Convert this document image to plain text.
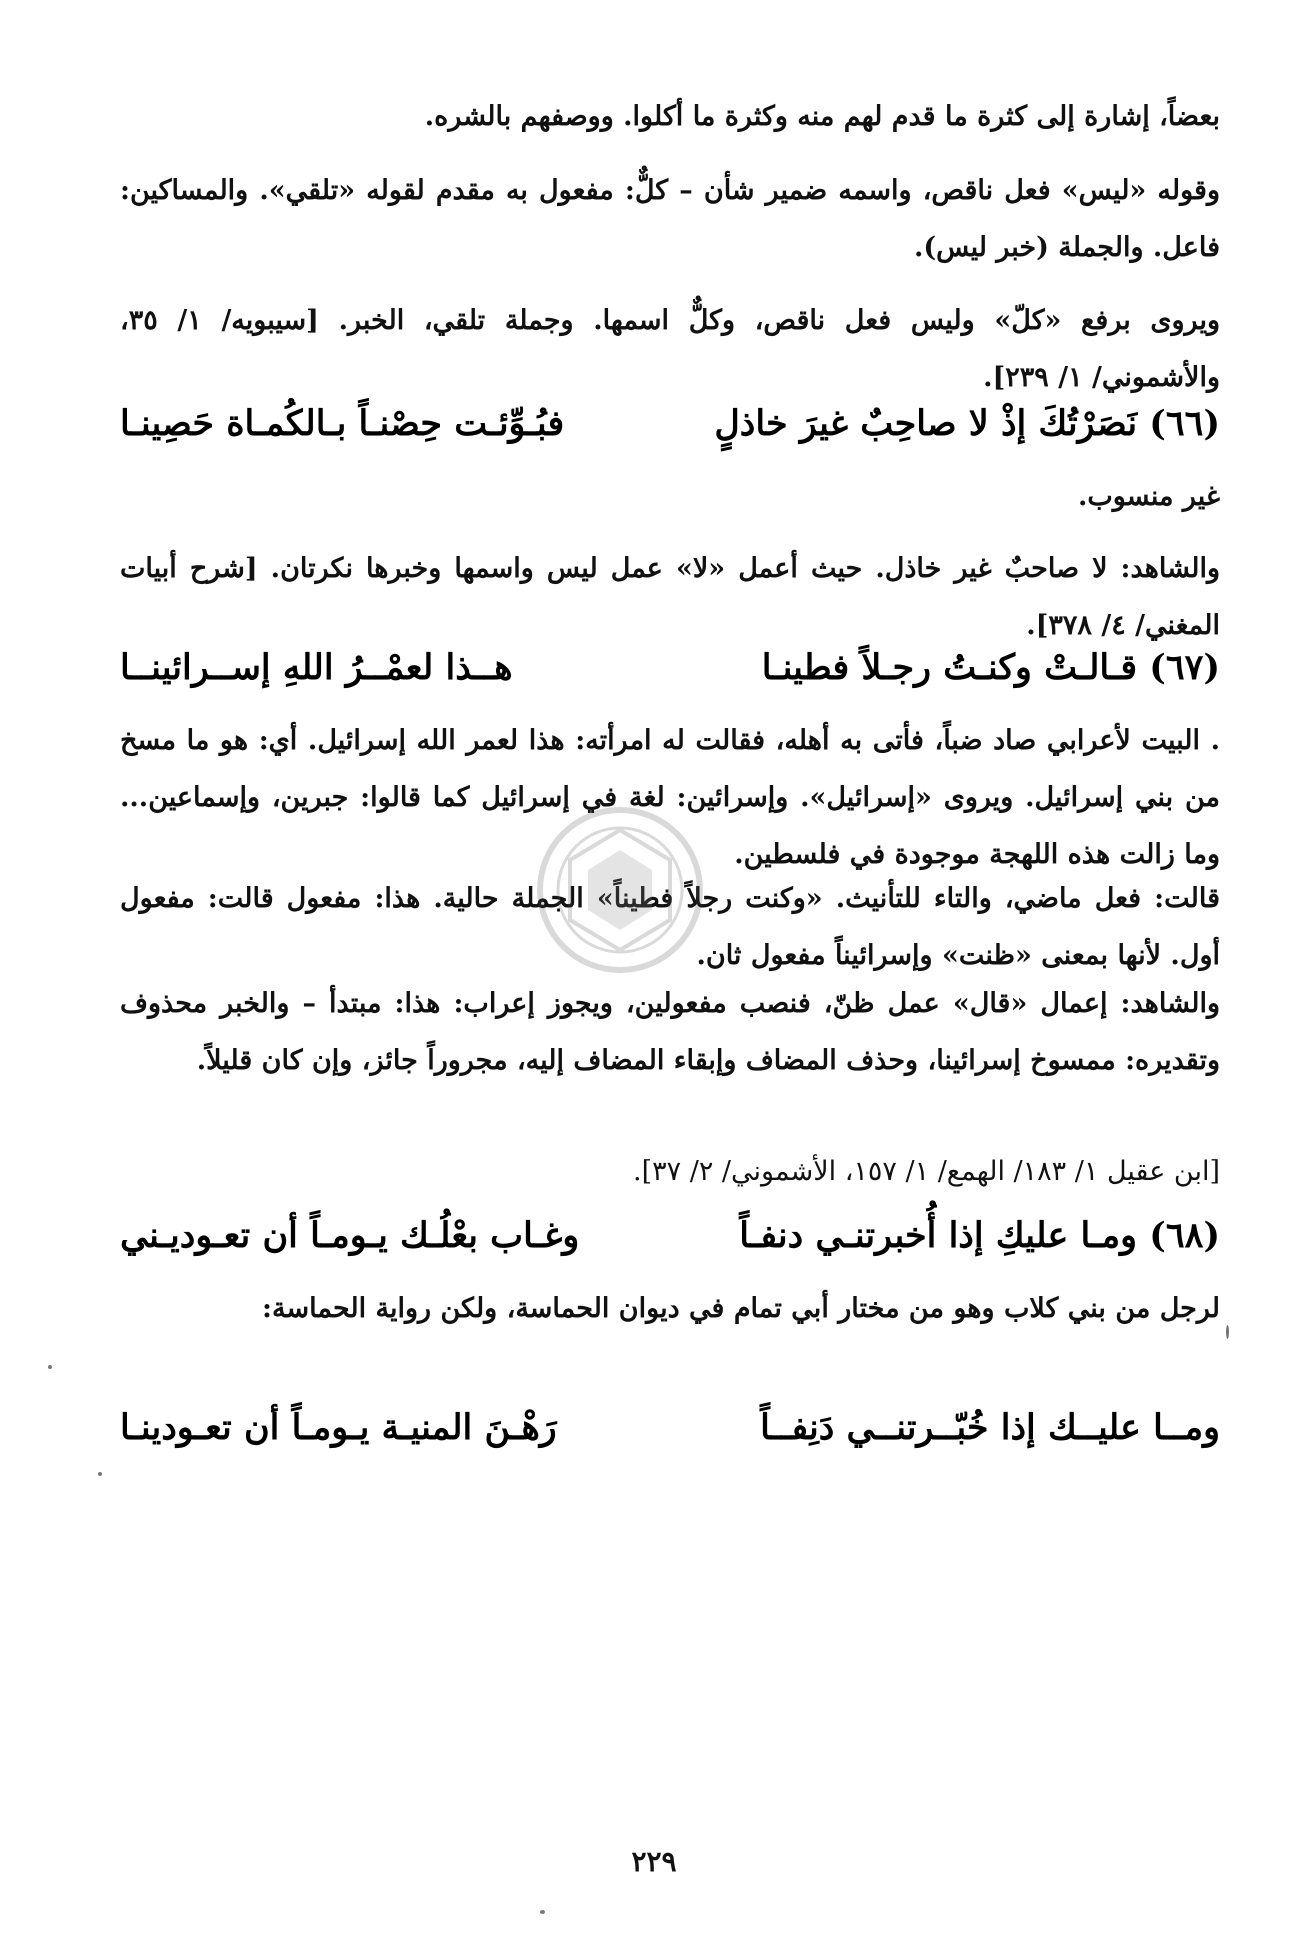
بعضاً، إشارة إلى كثرة ما قدم لهم منه وكثرة ما أكلوا. ووصفهم بالشره.

وقوله «ليس» فعل ناقص، واسمه ضمير شأن – كلٌّ: مفعول به مقدم لقوله «تلقي». والمساكين: فاعل. والجملة (خبر ليس).

ويروى برفع «كلّ» وليس فعل ناقص، وكلٌّ اسمها. وجملة تلقي، الخبر. [سيبويه/ ١/ ٣٥، والأشموني/ ١/ ٢٣٩].

(٦٦) نَصَرْتُكَ إذْ لا صاحِبٌ غيرَ خاذلٍ
فبُـوِّئـت حِصْنـاً بـالكُمـاة حَصِينـا

غير منسوب.

والشاهد: لا صاحبٌ غير خاذل. حيث أعمل «لا» عمل ليس واسمها وخبرها نكرتان. [شرح أبيات المغني/ ٤/ ٣٧٨].

(٦٧) قـالـتْ وكنـتُ رجـلاً فطينـا
هــذا لعمْــرُ اللهِ إســرائينــا

. البيت لأعرابي صاد ضباً، فأتى به أهله، فقالت له امرأته: هذا لعمر الله إسرائيل. أي: هو ما مسخ من بني إسرائيل. ويروى «إسرائيل». وإسرائين: لغة في إسرائيل كما قالوا: جبرين، وإسماعين... وما زالت هذه اللهجة موجودة في فلسطين.

قالت: فعل ماضي، والتاء للتأنيث. «وكنت رجلاً فطيناً» الجملة حالية. هذا: مفعول قالت: مفعول أول. لأنها بمعنى «ظنت» وإسرائيناً مفعول ثان.

والشاهد: إعمال «قال» عمل ظنّ، فنصب مفعولين، ويجوز إعراب: هذا: مبتدأ – والخبر محذوف وتقديره: ممسوخ إسرائينا، وحذف المضاف وإبقاء المضاف إليه، مجروراً جائز، وإن كان قليلاً.

[ابن عقيل ١/ ١٨٣/ الهمع/ ١/ ١٥٧، الأشموني/ ٢/ ٣٧].

(٦٨) ومـا عليكِ إذا أُخبرتنـي دنفـاً
وغـاب بعْلُـك يـومـاً أن تعـوديـني

لرجل من بني كلاب وهو من مختار أبي تمام في ديوان الحماسة، ولكن رواية الحماسة:

ومــا عليــك إذا خُبّــرتنــي دَنِفــاً
رَهْـنَ المنيـة يـومـاً أن تعـودينـا
٢٢٩
